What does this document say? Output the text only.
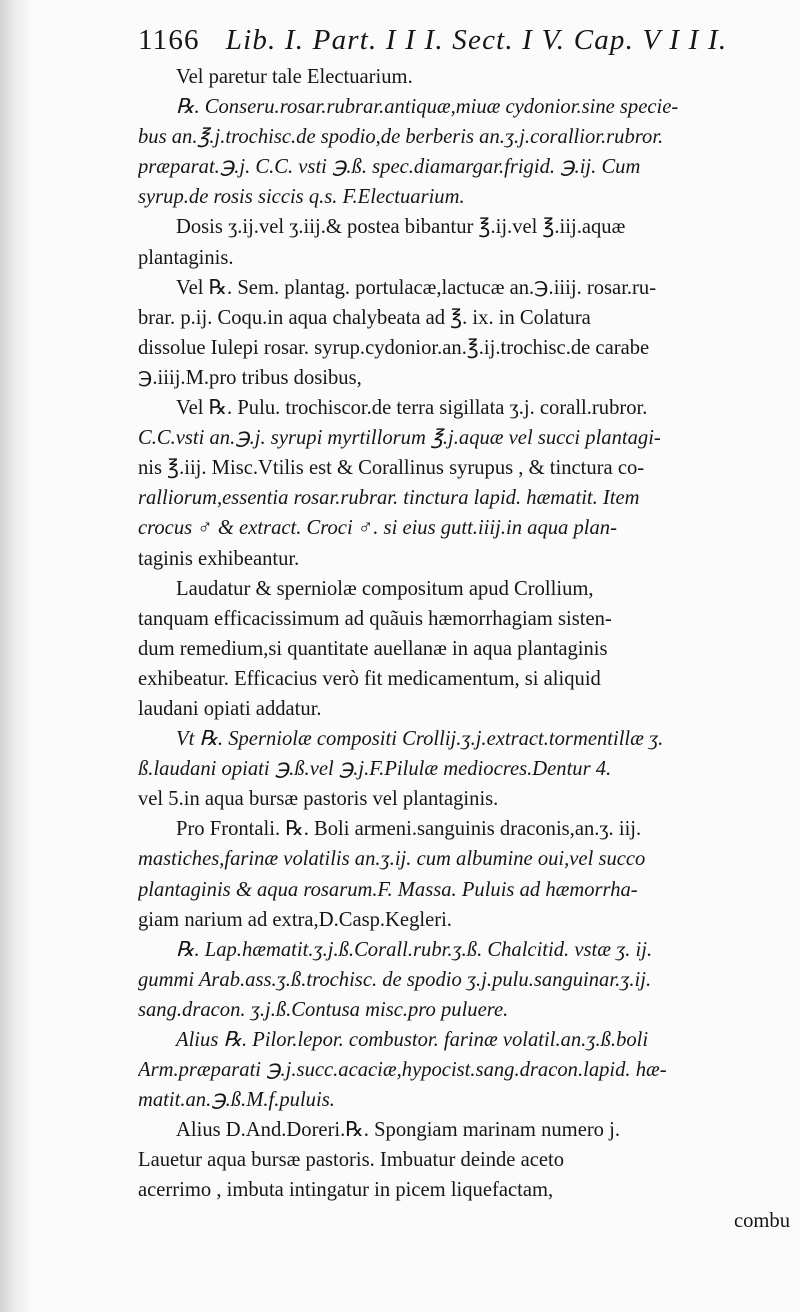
1166 Lib. I. Part. I I I. Sect. I V. Cap. V I I I.
Vel paretur tale Electuarium.
℞. Conseru.rosar.rubrar.antiquæ,miuæ cydonior.sine specie-
bus an.℥.j.trochisc.de spodio,de berberis an.ʒ.j.corallior.rubror.
præparat.℈.j. C.C. vsti ℈.ß. spec.diamargar.frigid. ℈.ij. Cum
syrup.de rosis siccis q.s. F.Electuarium.
Dosis ʒ.ij.vel ʒ.iij.& postea bibantur ℥.ij.vel ℥.iij.aquæ
plantaginis.
Vel ℞. Sem. plantag. portulacæ,lactucæ an.℈.iiij. rosar.ru-
brar. p.ij. Coqu.in aqua chalybeata ad ℥. ix. in Colatura
dissolue Iulepi rosar. syrup.cydonior.an.℥.ij.trochisc.de carabe
℈.iiij.M.pro tribus dosibus,
Vel ℞. Pulu. trochiscor.de terra sigillata ʒ.j. corall.rubror.
C.C.vsti an.℈.j. syrupi myrtillorum ℥.j.aquæ vel succi plantagi-
nis ℥.iij. Misc.Vtilis est & Corallinus syrupus , & tinctura co-
ralliorum,essentia rosar.rubrar. tinctura lapid. hæmatit. Item
crocus ♂ & extract. Croci ♂. si eius gutt.iiij.in aqua plan-
taginis exhibeantur.
Laudatur & sperniolæ compositum apud Crollium,
tanquam efficacissimum ad quãuis hæmorrhagiam sisten-
dum remedium,si quantitate auellanæ in aqua plantaginis
exhibeatur. Efficacius verò fit medicamentum, si aliquid
laudani opiati addatur.
Vt ℞. Sperniolæ compositi Crollij.ʒ.j.extract.tormentillæ ʒ.
ß.laudani opiati ℈.ß.vel ℈.j.F.Pilulæ mediocres.Dentur 4.
vel 5.in aqua bursæ pastoris vel plantaginis.
Pro Frontali. ℞. Boli armeni.sanguinis draconis,an.ʒ. iij.
mastiches,farinæ volatilis an.ʒ.ij. cum albumine oui,vel succo
plantaginis & aqua rosarum.F. Massa. Puluis ad hæmorrha-
giam narium ad extra,D.Casp.Kegleri.
℞. Lap.hæmatit.ʒ.j.ß.Corall.rubr.ʒ.ß. Chalcitid. vstæ ʒ. ij.
gummi Arab.ass.ʒ.ß.trochisc. de spodio ʒ.j.pulu.sanguinar.ʒ.ij.
sang.dracon. ʒ.j.ß.Contusa misc.pro puluere.
Alius ℞. Pilor.lepor. combustor. farinæ volatil.an.ʒ.ß.boli
Arm.præparati ℈.j.succ.acaciæ,hypocist.sang.dracon.lapid. hæ-
matit.an.℈.ß.M.f.puluis.
Alius D.And.Doreri.℞. Spongiam marinam numero j.
Lauetur aqua bursæ pastoris. Imbuatur deinde aceto
acerrimo , imbuta intingatur in picem liquefactam,
combu
